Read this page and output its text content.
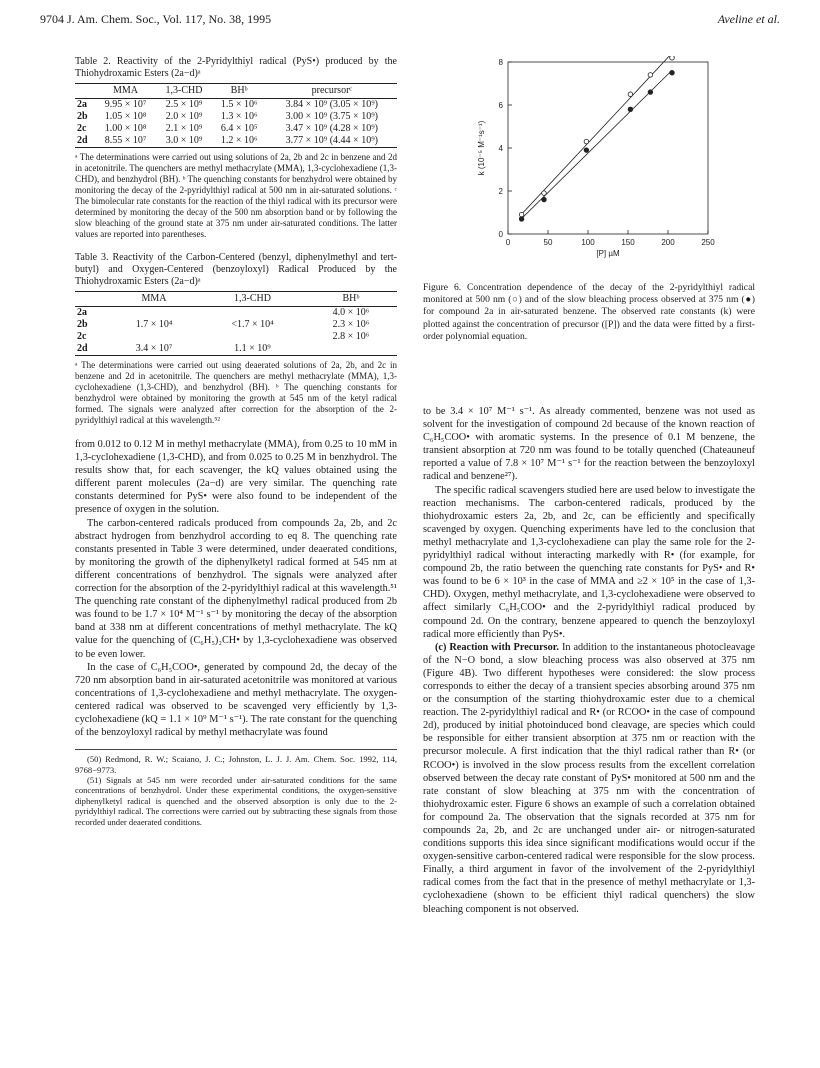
9704 J. Am. Chem. Soc., Vol. 117, No. 38, 1995	Aveline et al.
Table 2. Reactivity of the 2-Pyridylthiyl radical (PyS•) produced by the Thiohydroxamic Esters (2a−d)ᵃ
	MMA	1,3-CHD	BHᵇ	precursorᶜ
2a	9.95 × 10⁷	2.5 × 10⁹	1.5 × 10⁶	3.84 × 10⁹ (3.05 × 10⁹)
2b	1.05 × 10⁸	2.0 × 10⁹	1.3 × 10⁶	3.00 × 10⁹ (3.75 × 10⁹)
2c	1.00 × 10⁸	2.1 × 10⁹	6.4 × 10⁵	3.47 × 10⁹ (4.28 × 10⁹)
2d	8.55 × 10⁷	3.0 × 10⁹	1.2 × 10⁶	3.77 × 10⁹ (4.44 × 10⁹)
ᵃ The determinations were carried out using solutions of 2a, 2b and 2c in benzene and 2d in acetonitrile. The quenchers are methyl methacrylate (MMA), 1,3-cyclohexadiene (1,3-CHD), and benzhydrol (BH). ᵇ The quenching constants for benzhydrol were obtained by monitoring the decay of the 2-pyridylthiyl radical at 500 nm in air-saturated solutions. ᶜ The bimolecular rate constants for the reaction of the thiyl radical with its precursor were determined by monitoring the decay of the 500 nm absorption band or by following the slow bleaching of the ground state at 375 nm under air-saturated conditions. The latter values are reported into parentheses.
Table 3. Reactivity of the Carbon-Centered (benzyl, diphenylmethyl and tert-butyl) and Oxygen-Centered (benzoyloxyl) Radical Produced by the Thiohydroxamic Esters (2a−d)ᵃ
	MMA	1,3-CHD	BHᵇ
2a			4.0 × 10⁶
2b	1.7 × 10⁴	<1.7 × 10⁴	2.3 × 10⁶
2c			2.8 × 10⁶
2d	3.4 × 10⁷	1.1 × 10⁹	
ᵃ The determinations were carried out using deaerated solutions of 2a, 2b, and 2c in benzene and 2d in acetonitrile. The quenchers are methyl methacrylate (MMA), 1,3-cyclohexadiene (1,3-CHD), and benzhydrol (BH). ᵇ The quenching constants for benzhydrol were obtained by monitoring the growth at 545 nm of the ketyl radical formed. The signals were analyzed after correction for the absorption of the 2-pyridylthiyl radical at this wavelength.⁵²

from 0.012 to 0.12 M in methyl methacrylate (MMA), from 0.25 to 10 mM in 1,3-cyclohexadiene (1,3-CHD), and from 0.025 to 0.25 M in benzhydrol. The results show that, for each scavenger, the kQ values obtained using the different parent molecules (2a−d) are very similar. The quenching rate constants determined for PyS• were also found to be independent of the presence of oxygen in the solution.

The carbon-centered radicals produced from compounds 2a, 2b, and 2c abstract hydrogen from benzhydrol according to eq 8. The quenching rate constants presented in Table 3 were determined, under deaerated conditions, by monitoring the growth of the diphenylketyl radical formed at 545 nm at different concentrations of benzhydrol. The signals were analyzed after correction for the absorption of the 2-pyridylthiyl radical at this wavelength.⁵¹ The quenching rate constant of the diphenylmethyl radical produced from 2b was found to be 1.7 × 10⁴ M⁻¹ s⁻¹ by monitoring the decay of the absorption band at 338 nm at different concentrations of methyl methacrylate. The kQ value for the quenching of (C₆H₅)₂CH• by 1,3-cyclohexadiene was observed to be even lower.

In the case of C₆H₅COO•, generated by compound 2d, the decay of the 720 nm absorption band in air-saturated acetonitrile was monitored at various concentrations of 1,3-cyclohexadiene and methyl methacrylate. The oxygen-centered radical was observed to be scavenged very efficiently by 1,3-cyclohexadiene (kQ = 1.1 × 10⁹ M⁻¹ s⁻¹). The rate constant for the quenching of the benzoyloxyl radical by methyl methacrylate was found

(50) Redmond, R. W.; Scaiano, J. C.; Johnston, L. J. J. Am. Chem. Soc. 1992, 114, 9768−9773.

(51) Signals at 545 nm were recorded under air-saturated conditions for the same concentrations of benzhydrol. Under these experimental conditions, the oxygen-sensitive diphenylketyl radical is quenched and the observed absorption is only due to the 2-pyridylthiyl radical. The corrections were carried out by subtracting these signals from those recorded under deaerated conditions.

0	50	100	150	200	250
0
2
4
6
8
[P] µM
k (10⁻⁵ M⁻¹s⁻¹)
Figure 6. Concentration dependence of the decay of the 2-pyridylthiyl radical monitored at 500 nm (○) and of the slow bleaching process observed at 375 nm (●) for compound 2a in air-saturated benzene. The observed rate constants (k) were plotted against the concentration of precursor ([P]) and the data were fitted by a first-order polynomial equation.

to be 3.4 × 10⁷ M⁻¹ s⁻¹. As already commented, benzene was not used as solvent for the investigation of compound 2d because of the known reaction of C₆H₅COO• with aromatic systems. In the presence of 0.1 M benzene, the transient absorption at 720 nm was found to be totally quenched (Chateauneuf reported a value of 7.8 × 10⁷ M⁻¹ s⁻¹ for the reaction between the benzoyloxyl radical and benzene²⁷).

The specific radical scavengers studied here are used below to investigate the reaction mechanisms. The carbon-centered radicals, produced by the thiohydroxamic esters 2a, 2b, and 2c, can be efficiently and specifically scavenged by oxygen. Quenching experiments have led to the conclusion that methyl methacrylate and 1,3-cyclohexadiene can play the same role for the 2-pyridylthiyl radical without interacting markedly with R• (for example, for compound 2b, the ratio between the quenching rate constants for PyS• and R• was found to be 6 × 10³ in the case of MMA and ≥2 × 10⁵ in the case of 1,3-CHD). Oxygen, methyl methacrylate, and 1,3-cyclohexadiene were observed to affect similarly C₆H₅COO• and the 2-pyridylthiyl radical produced by compound 2d. On the contrary, benzene appeared to quench the benzoyloxyl radical more efficiently than PyS•.

(c) Reaction with Precursor. In addition to the instantaneous photocleavage of the N−O bond, a slow bleaching process was also observed at 375 nm (Figure 4B). Two different hypotheses were considered: the slow process corresponds to either the decay of a transient species absorbing around 375 nm or the consumption of the starting thiohydroxamic ester due to a chemical reaction. The 2-pyridylthiyl radical and R• (or RCOO• in the case of compound 2d), produced by initial photoinduced bond cleavage, are species which could be responsible for either transient absorption at 375 nm or reaction with the precursor molecule. A first indication that the thiyl radical rather than R• (or RCOO•) is involved in the slow process results from the excellent correlation observed between the decay rate constant of PyS• monitored at 500 nm and the rate constant of slow bleaching at 375 nm with the concentration of thiohydroxamic ester. Figure 6 shows an example of such a correlation obtained for compound 2a. The observation that the signals recorded at 375 nm for compounds 2a, 2b, and 2c are unchanged under air- or nitrogen-saturated conditions supports this idea since significant modifications would occur if the oxygen-sensitive carbon-centered radical were responsible for the slow process. Finally, a third argument in favor of the involvement of the 2-pyridylthiyl radical comes from the fact that in the presence of methyl methacrylate or 1,3-cyclohexadiene (shown to be efficient thiyl radical quenchers) the slow bleaching component is not observed.
